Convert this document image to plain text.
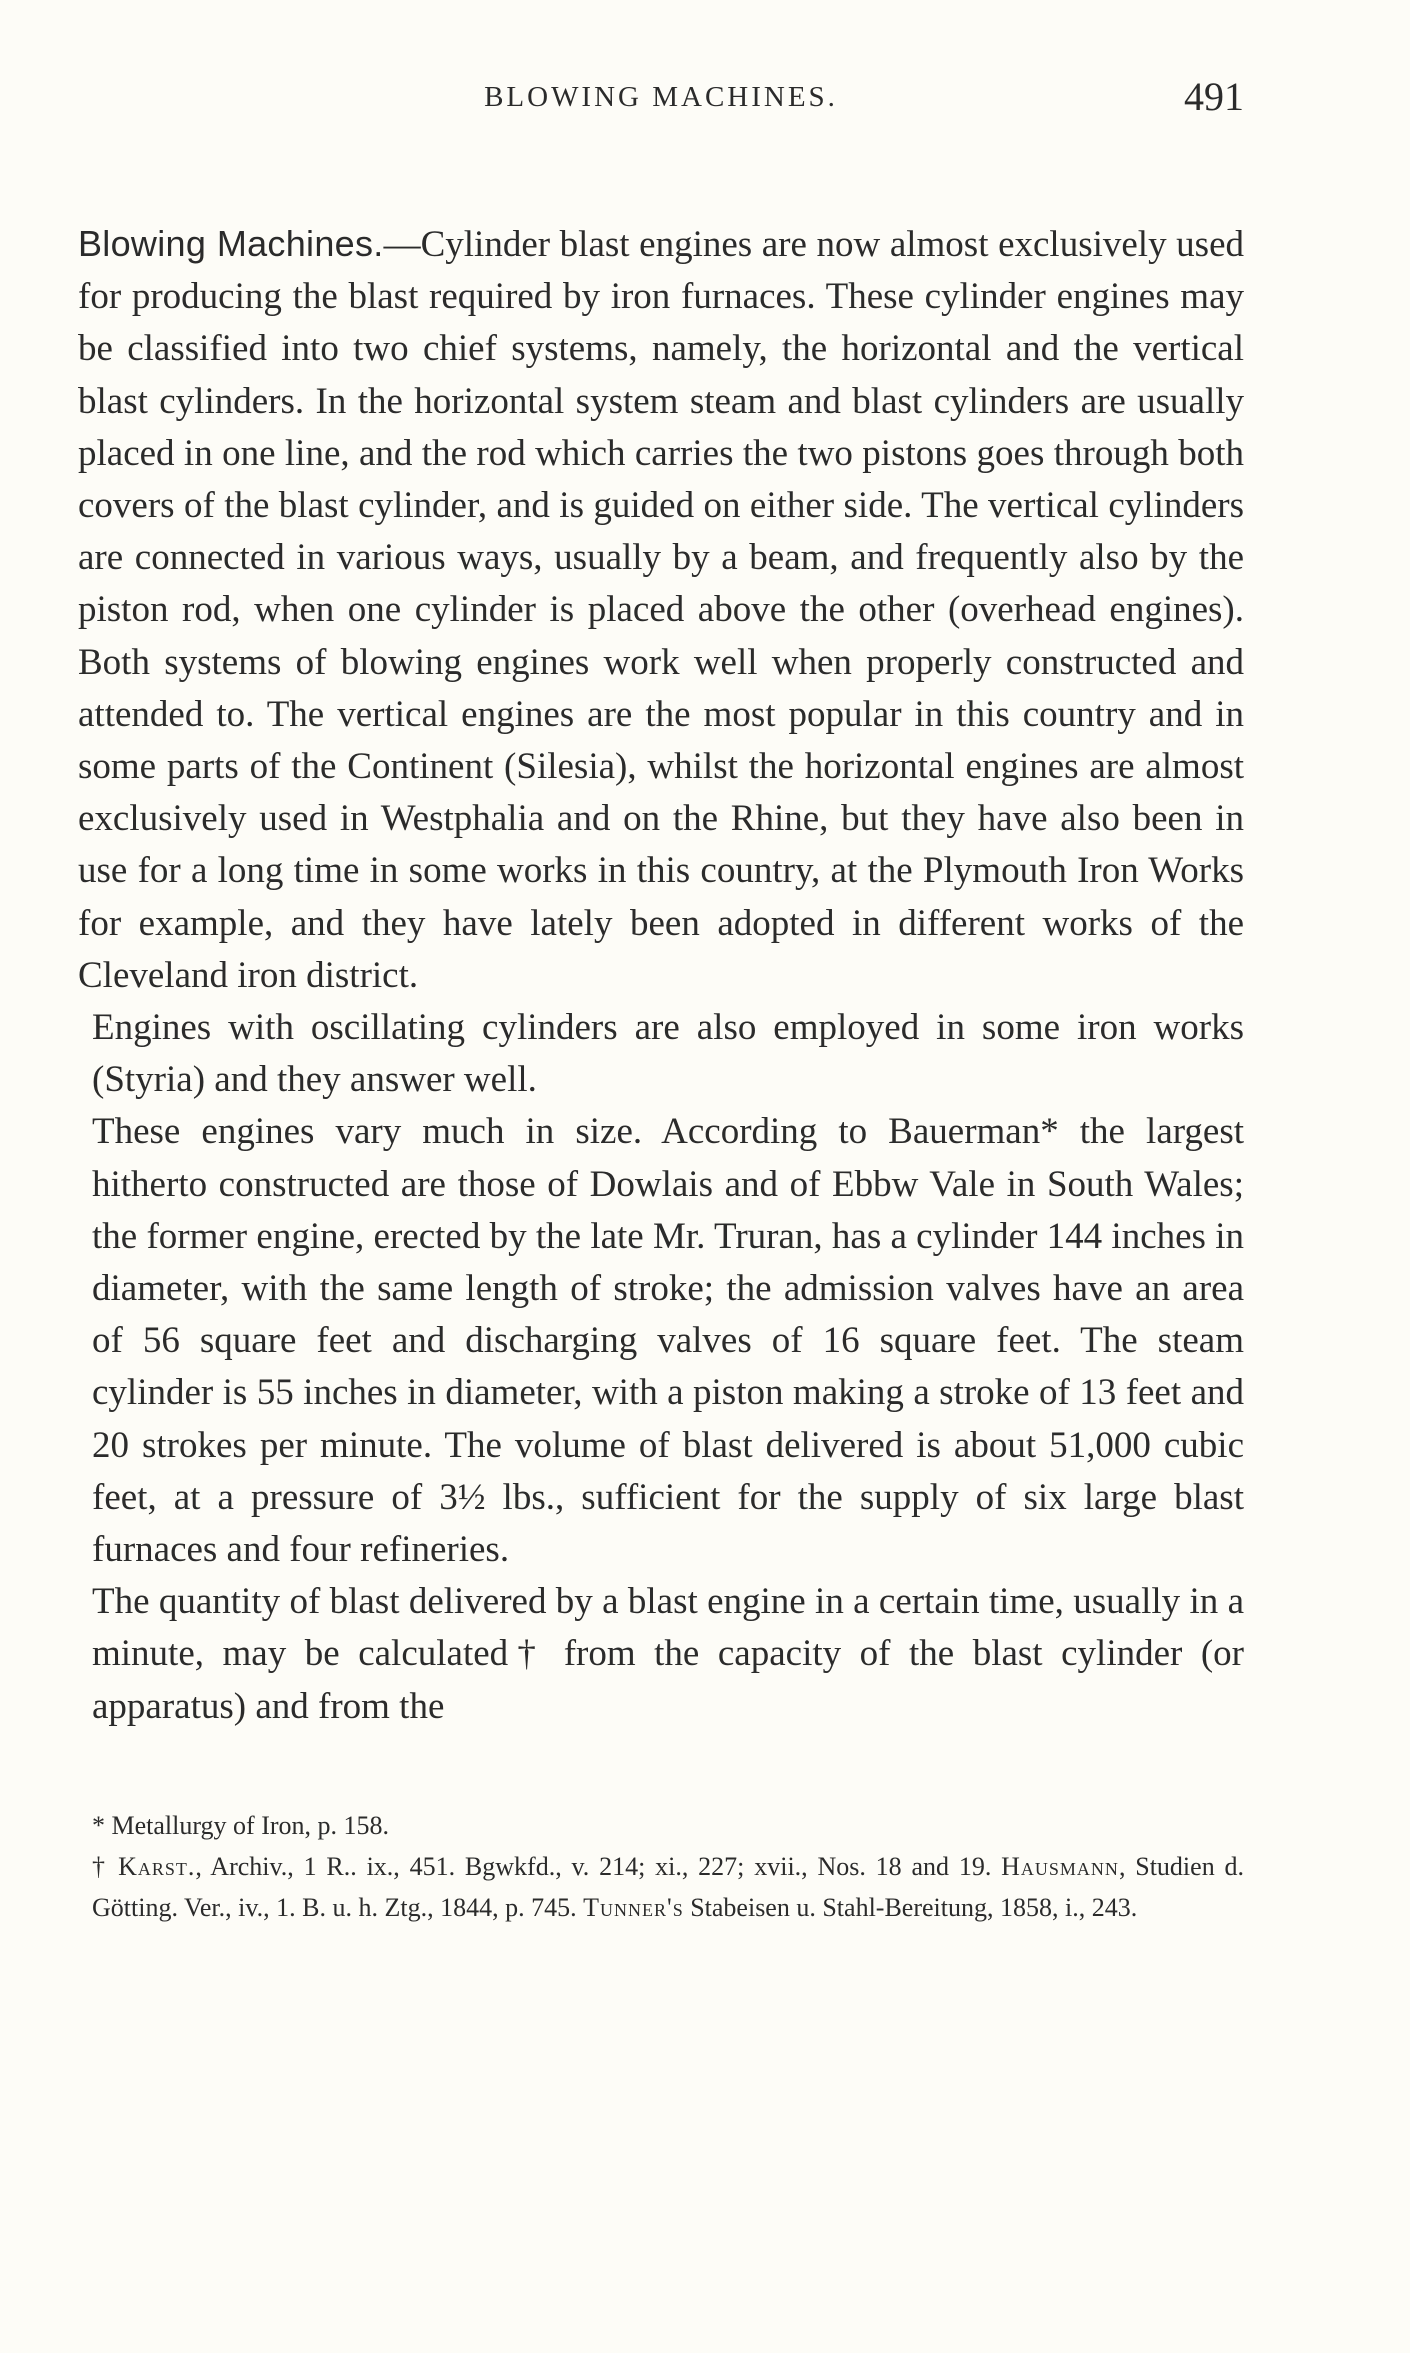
BLOWING MACHINES.	491

Blowing Machines.—Cylinder blast engines are now almost exclusively used for producing the blast required by iron furnaces. These cylinder engines may be classified into two chief systems, namely, the horizontal and the vertical blast cylinders. In the horizontal system steam and blast cylinders are usually placed in one line, and the rod which carries the two pistons goes through both covers of the blast cylinder, and is guided on either side. The vertical cylinders are connected in various ways, usually by a beam, and frequently also by the piston rod, when one cylinder is placed above the other (overhead engines). Both systems of blowing engines work well when properly constructed and attended to. The vertical engines are the most popular in this country and in some parts of the Continent (Silesia), whilst the horizontal engines are almost exclusively used in Westphalia and on the Rhine, but they have also been in use for a long time in some works in this country, at the Plymouth Iron Works for example, and they have lately been adopted in different works of the Cleveland iron district.

Engines with oscillating cylinders are also employed in some iron works (Styria) and they answer well.

These engines vary much in size. According to Bauerman* the largest hitherto constructed are those of Dowlais and of Ebbw Vale in South Wales; the former engine, erected by the late Mr. Truran, has a cylinder 144 inches in diameter, with the same length of stroke; the admission valves have an area of 56 square feet and discharging valves of 16 square feet. The steam cylinder is 55 inches in diameter, with a piston making a stroke of 13 feet and 20 strokes per minute. The volume of blast delivered is about 51,000 cubic feet, at a pressure of 3½ lbs., sufficient for the supply of six large blast furnaces and four refineries.

The quantity of blast delivered by a blast engine in a certain time, usually in a minute, may be calculated† from the capacity of the blast cylinder (or apparatus) and from the

* Metallurgy of Iron, p. 158.

† Karst., Archiv., 1 R.. ix., 451. Bgwkfd., v. 214; xi., 227; xvii., Nos. 18 and 19. Hausmann, Studien d. Götting. Ver., iv., 1. B. u. h. Ztg., 1844, p. 745. Tunner's Stabeisen u. Stahl-Bereitung, 1858, i., 243.
